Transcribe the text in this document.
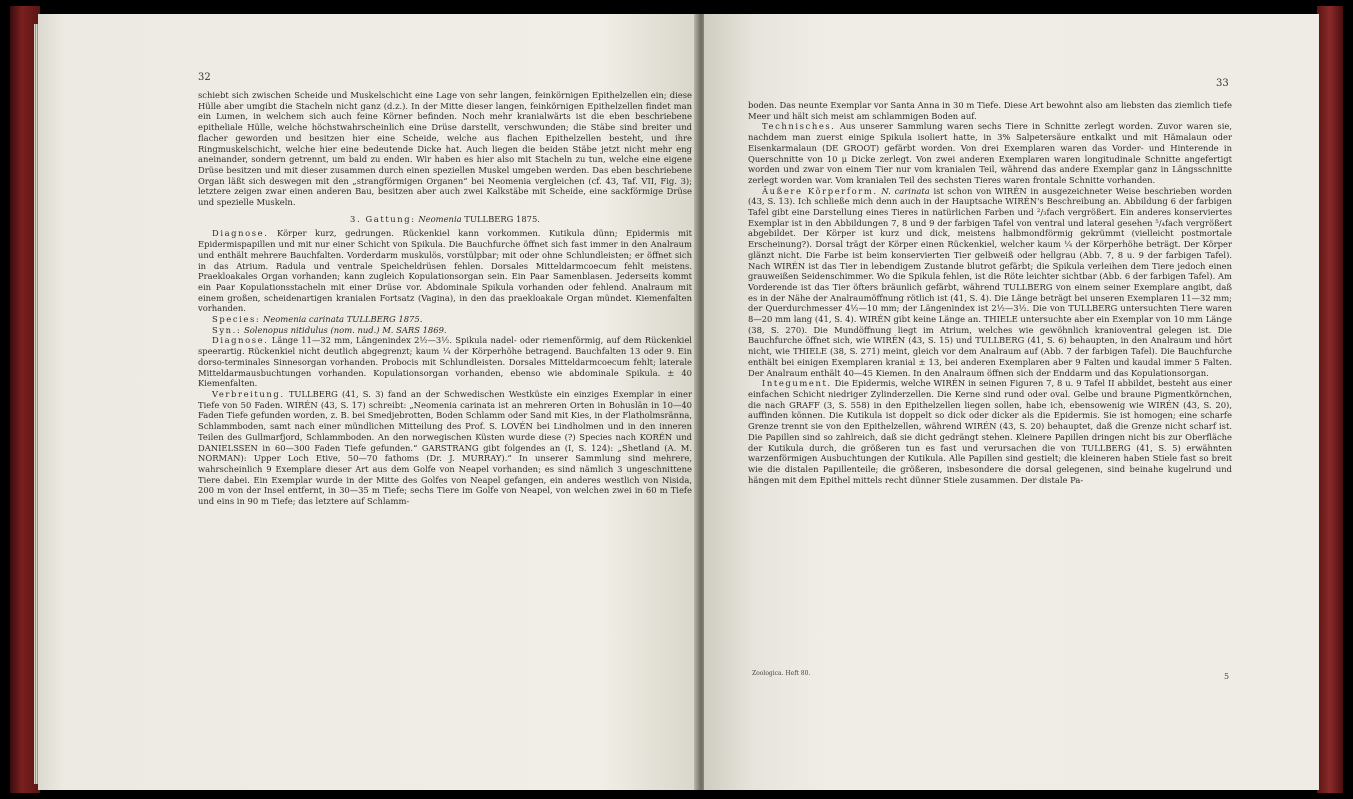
32

schiebt sich zwischen Scheide und Muskelschicht eine Lage von sehr langen, feinkörnigen Epithelzellen ein; diese Hülle aber umgibt die Stacheln nicht ganz (d.z.). In der Mitte dieser langen, feinkörnigen Epithelzellen findet man ein Lumen, in welchem sich auch feine Körner befinden. Noch mehr kranialwärts ist die eben beschriebene epitheliale Hülle, welche höchstwahrscheinlich eine Drüse darstellt, verschwunden; die Stäbe sind breiter und flacher geworden und besitzen hier eine Scheide, welche aus flachen Epithelzellen besteht, und ihre Ringmuskelschicht, welche hier eine bedeutende Dicke hat. Auch liegen die beiden Stäbe jetzt nicht mehr eng aneinander, sondern getrennt, um bald zu enden. Wir haben es hier also mit Stacheln zu tun, welche eine eigene Drüse besitzen und mit dieser zusammen durch einen speziellen Muskel umgeben werden. Das eben beschriebene Organ läßt sich deswegen mit den „strangförmigen Organen“ bei Neomenia vergleichen (cf. 43, Taf. VII, Fig. 3); letztere zeigen zwar einen anderen Bau, besitzen aber auch zwei Kalkstäbe mit Scheide, eine sackförmige Drüse und spezielle Muskeln.

3. Gattung: Neomenia TULLBERG 1875.

Diagnose. Körper kurz, gedrungen. Rückenkiel kann vorkommen. Kutikula dünn; Epidermis mit Epidermispapillen und mit nur einer Schicht von Spikula. Die Bauchfurche öffnet sich fast immer in den Analraum und enthält mehrere Bauchfalten. Vorderdarm muskulös, vorstülpbar; mit oder ohne Schlundleisten; er öffnet sich in das Atrium. Radula und ventrale Speicheldrüsen fehlen. Dorsales Mitteldarmcoecum fehlt meistens. Praekloakales Organ vorhanden; kann zugleich Kopulationsorgan sein. Ein Paar Samenblasen. Jederseits kommt ein Paar Kopulationsstacheln mit einer Drüse vor. Abdominale Spikula vorhanden oder fehlend. Analraum mit einem großen, scheidenartigen kranialen Fortsatz (Vagina), in den das praekloakale Organ mündet. Kiemenfalten vorhanden.

Species: Neomenia carinata TULLBERG 1875.

Syn.: Solenopus nitidulus (nom. nud.) M. SARS 1869.

Diagnose. Länge 11—32 mm, Längenindex 2½—3½. Spikula nadel- oder riemenförmig, auf dem Rückenkiel speerartig. Rückenkiel nicht deutlich abgegrenzt; kaum ¼ der Körperhöhe betragend. Bauchfalten 13 oder 9. Ein dorso-terminales Sinnesorgan vorhanden. Probocis mit Schlundleisten. Dorsales Mitteldarmcoecum fehlt; laterale Mitteldarmausbuchtungen vorhanden. Kopulationsorgan vorhanden, ebenso wie abdominale Spikula. ± 40 Kiemenfalten.

Verbreitung. TULLBERG (41, S. 3) fand an der Schwedischen Westküste ein einziges Exemplar in einer Tiefe von 50 Faden. WIRÉN (43, S. 17) schreibt: „Neomenia carinata ist an mehreren Orten in Bohuslän in 10—40 Faden Tiefe gefunden worden, z. B. bei Smedjebrotten, Boden Schlamm oder Sand mit Kies, in der Flatholmsränna, Schlammboden, samt nach einer mündlichen Mitteilung des Prof. S. LOVÉN bei Lindholmen und in den inneren Teilen des Gullmarfjord, Schlammboden. An den norwegischen Küsten wurde diese (?) Species nach KORÉN und DANIELSSEN in 60—300 Faden Tiefe gefunden.“ GARSTRANG gibt folgendes an (I, S. 124): „Shetland (A. M. NORMAN): Upper Loch Etive, 50—70 fathoms (Dr. J. MURRAY).“ In unserer Sammlung sind mehrere, wahrscheinlich 9 Exemplare dieser Art aus dem Golfe von Neapel vorhanden; es sind nämlich 3 ungeschnittene Tiere dabei. Ein Exemplar wurde in der Mitte des Golfes von Neapel gefangen, ein anderes westlich von Nisida, 200 m von der Insel entfernt, in 30—35 m Tiefe; sechs Tiere im Golfe von Neapel, von welchen zwei in 60 m Tiefe und eins in 90 m Tiefe; das letztere auf Schlamm-

33

boden. Das neunte Exemplar vor Santa Anna in 30 m Tiefe. Diese Art bewohnt also am liebsten das ziemlich tiefe Meer und hält sich meist am schlammigen Boden auf.

Technisches. Aus unserer Sammlung waren sechs Tiere in Schnitte zerlegt worden. Zuvor waren sie, nachdem man zuerst einige Spikula isoliert hatte, in 3% Salpetersäure entkalkt und mit Hämalaun oder Eisenkarmalaun (DE GROOT) gefärbt worden. Von drei Exemplaren waren das Vorder- und Hinterende in Querschnitte von 10 μ Dicke zerlegt. Von zwei anderen Exemplaren waren longitudinale Schnitte angefertigt worden und zwar von einem Tier nur vom kranialen Teil, während das andere Exemplar ganz in Längsschnitte zerlegt worden war. Vom kranialen Teil des sechsten Tieres waren frontale Schnitte vorhanden.

Äußere Körperform. N. carinata ist schon von WIRÉN in ausgezeichneter Weise beschrieben worden (43, S. 13). Ich schließe mich denn auch in der Hauptsache WIRÉN's Beschreibung an. Abbildung 6 der farbigen Tafel gibt eine Darstellung eines Tieres in natürlichen Farben und ²/₃fach vergrößert. Ein anderes konserviertes Exemplar ist in den Abbildungen 7, 8 und 9 der farbigen Tafel von ventral und lateral gesehen ⁵/₄fach vergrößert abgebildet. Der Körper ist kurz und dick, meistens halbmondförmig gekrümmt (vielleicht postmortale Erscheinung?). Dorsal trägt der Körper einen Rückenkiel, welcher kaum ¼ der Körperhöhe beträgt. Der Körper glänzt nicht. Die Farbe ist beim konservierten Tier gelbweiß oder hellgrau (Abb. 7, 8 u. 9 der farbigen Tafel). Nach WIRÉN ist das Tier in lebendigem Zustande blutrot gefärbt; die Spikula verleihen dem Tiere jedoch einen grauweißen Seidenschimmer. Wo die Spikula fehlen, ist die Röte leichter sichtbar (Abb. 6 der farbigen Tafel). Am Vorderende ist das Tier öfters bräunlich gefärbt, während TULLBERG von einem seiner Exemplare angibt, daß es in der Nähe der Analraumöffnung rötlich ist (41, S. 4). Die Länge beträgt bei unseren Exemplaren 11—32 mm; der Querdurchmesser 4½—10 mm; der Längenindex ist 2½—3½. Die von TULLBERG untersuchten Tiere waren 8—20 mm lang (41, S. 4). WIRÉN gibt keine Länge an. THIELE untersuchte aber ein Exemplar von 10 mm Länge (38, S. 270). Die Mundöffnung liegt im Atrium, welches wie gewöhnlich kranioventral gelegen ist. Die Bauchfurche öffnet sich, wie WIRÉN (43, S. 15) und TULLBERG (41, S. 6) behaupten, in den Analraum und hört nicht, wie THIELE (38, S. 271) meint, gleich vor dem Analraum auf (Abb. 7 der farbigen Tafel). Die Bauchfurche enthält bei einigen Exemplaren kranial ± 13, bei anderen Exemplaren aber 9 Falten und kaudal immer 5 Falten. Der Analraum enthält 40—45 Kiemen. In den Analraum öffnen sich der Enddarm und das Kopulationsorgan.

Integument. Die Epidermis, welche WIRÉN in seinen Figuren 7, 8 u. 9 Tafel II abbildet, besteht aus einer einfachen Schicht niedriger Zylinderzellen. Die Kerne sind rund oder oval. Gelbe und braune Pigmentkörnchen, die nach GRAFF (3, S. 558) in den Epithelzellen liegen sollen, habe ich, ebensowenig wie WIRÉN (43, S. 20), auffinden können. Die Kutikula ist doppelt so dick oder dicker als die Epidermis. Sie ist homogen; eine scharfe Grenze trennt sie von den Epithelzellen, während WIRÉN (43, S. 20) behauptet, daß die Grenze nicht scharf ist. Die Papillen sind so zahlreich, daß sie dicht gedrängt stehen. Kleinere Papillen dringen nicht bis zur Oberfläche der Kutikula durch, die größeren tun es fast und verursachen die von TULLBERG (41, S. 5) erwähnten warzenförmigen Ausbuchtungen der Kutikula. Alle Papillen sind gestielt; die kleineren haben Stiele fast so breit wie die distalen Papillenteile; die größeren, insbesondere die dorsal gelegenen, sind beinahe kugelrund und hängen mit dem Epithel mittels recht dünner Stiele zusammen. Der distale Pa-

Zoologica. Heft 80.	5
